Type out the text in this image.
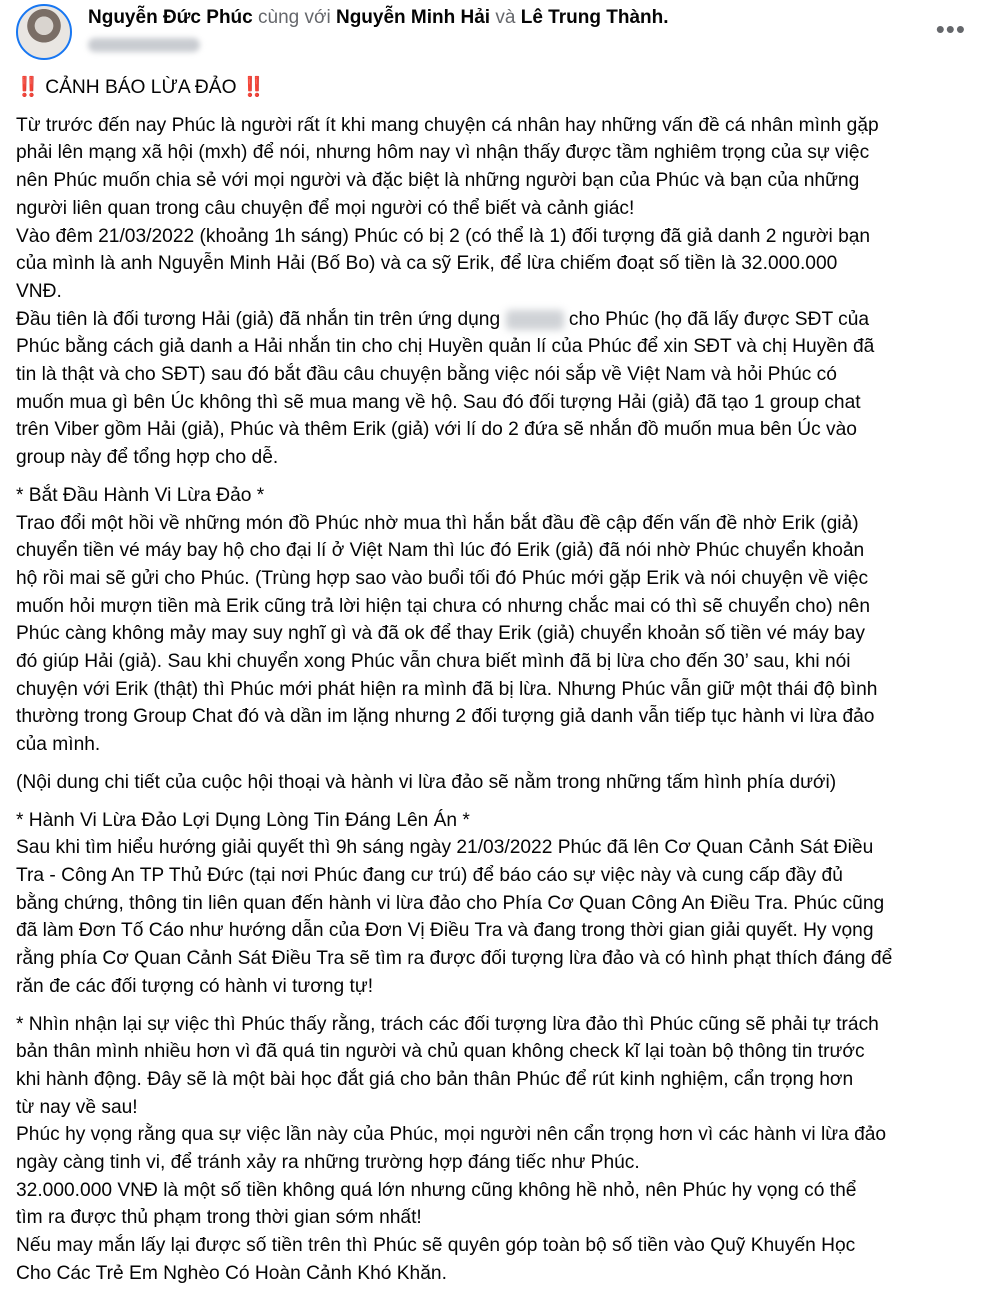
Nguyễn Đức Phúc cùng với Nguyễn Minh Hải và Lê Trung Thành.	•••

‼️ CẢNH BÁO LỪA ĐẢO ‼️

Từ trước đến nay Phúc là người rất ít khi mang chuyện cá nhân hay những vấn đề cá nhân mình gặp
phải lên mạng xã hội (mxh) để nói, nhưng hôm nay vì nhận thấy được tầm nghiêm trọng của sự việc
nên Phúc muốn chia sẻ với mọi người và đặc biệt là những người bạn của Phúc và bạn của những
người liên quan trong câu chuyện để mọi người có thể biết và cảnh giác!
Vào đêm 21/03/2022 (khoảng 1h sáng) Phúc có bị 2 (có thể là 1) đối tượng đã giả danh 2 người bạn
của mình là anh Nguyễn Minh Hải (Bố Bo) và ca sỹ Erik, để lừa chiếm đoạt số tiền là 32.000.000
VNĐ.
Đầu tiên là đối tương Hải (giả) đã nhắn tin trên ứng dụng	cho Phúc (họ đã lấy được SĐT của
Phúc bằng cách giả danh a Hải nhắn tin cho chị Huyền quản lí của Phúc để xin SĐT và chị Huyền đã
tin là thật và cho SĐT) sau đó bắt đầu câu chuyện bằng việc nói sắp về Việt Nam và hỏi Phúc có
muốn mua gì bên Úc không thì sẽ mua mang về hộ. Sau đó đối tượng Hải (giả) đã tạo 1 group chat
trên Viber gồm Hải (giả), Phúc và thêm Erik (giả) với lí do 2 đứa sẽ nhắn đồ muốn mua bên Úc vào
group này để tổng hợp cho dễ.

* Bắt Đầu Hành Vi Lừa Đảo *
Trao đổi một hồi về những món đồ Phúc nhờ mua thì hắn bắt đầu đề cập đến vấn đề nhờ Erik (giả)
chuyển tiền vé máy bay hộ cho đại lí ở Việt Nam thì lúc đó Erik (giả) đã nói nhờ Phúc chuyển khoản
hộ rồi mai sẽ gửi cho Phúc. (Trùng hợp sao vào buổi tối đó Phúc mới gặp Erik và nói chuyện về việc
muốn hỏi mượn tiền mà Erik cũng trả lời hiện tại chưa có nhưng chắc mai có thì sẽ chuyển cho) nên
Phúc càng không mảy may suy nghĩ gì và đã ok để thay Erik (giả) chuyển khoản số tiền vé máy bay
đó giúp Hải (giả). Sau khi chuyển xong Phúc vẫn chưa biết mình đã bị lừa cho đến 30’ sau, khi nói
chuyện với Erik (thật) thì Phúc mới phát hiện ra mình đã bị lừa. Nhưng Phúc vẫn giữ một thái độ bình
thường trong Group Chat đó và dần im lặng nhưng 2 đối tượng giả danh vẫn tiếp tục hành vi lừa đảo
của mình.

(Nội dung chi tiết của cuộc hội thoại và hành vi lừa đảo sẽ nằm trong những tấm hình phía dưới)

* Hành Vi Lừa Đảo Lợi Dụng Lòng Tin Đáng Lên Án *
Sau khi tìm hiểu hướng giải quyết thì 9h sáng ngày 21/03/2022 Phúc đã lên Cơ Quan Cảnh Sát Điều
Tra - Công An TP Thủ Đức (tại nơi Phúc đang cư trú) để báo cáo sự việc này và cung cấp đầy đủ
bằng chứng, thông tin liên quan đến hành vi lừa đảo cho Phía Cơ Quan Công An Điều Tra. Phúc cũng
đã làm Đơn Tố Cáo như hướng dẫn của Đơn Vị Điều Tra và đang trong thời gian giải quyết. Hy vọng
rằng phía Cơ Quan Cảnh Sát Điều Tra sẽ tìm ra được đối tượng lừa đảo và có hình phạt thích đáng để
răn đe các đối tượng có hành vi tương tự!

* Nhìn nhận lại sự việc thì Phúc thấy rằng, trách các đối tượng lừa đảo thì Phúc cũng sẽ phải tự trách
bản thân mình nhiều hơn vì đã quá tin người và chủ quan không check kĩ lại toàn bộ thông tin trước
khi hành động. Đây sẽ là một bài học đắt giá cho bản thân Phúc để rút kinh nghiệm, cẩn trọng hơn
từ nay về sau!
Phúc hy vọng rằng qua sự việc lần này của Phúc, mọi người nên cẩn trọng hơn vì các hành vi lừa đảo
ngày càng tinh vi, để tránh xảy ra những trường hợp đáng tiếc như Phúc.
32.000.000 VNĐ là một số tiền không quá lớn nhưng cũng không hề nhỏ, nên Phúc hy vọng có thể
tìm ra được thủ phạm trong thời gian sớm nhất!
Nếu may mắn lấy lại được số tiền trên thì Phúc sẽ quyên góp toàn bộ số tiền vào Quỹ Khuyến Học
Cho Các Trẻ Em Nghèo Có Hoàn Cảnh Khó Khăn.
